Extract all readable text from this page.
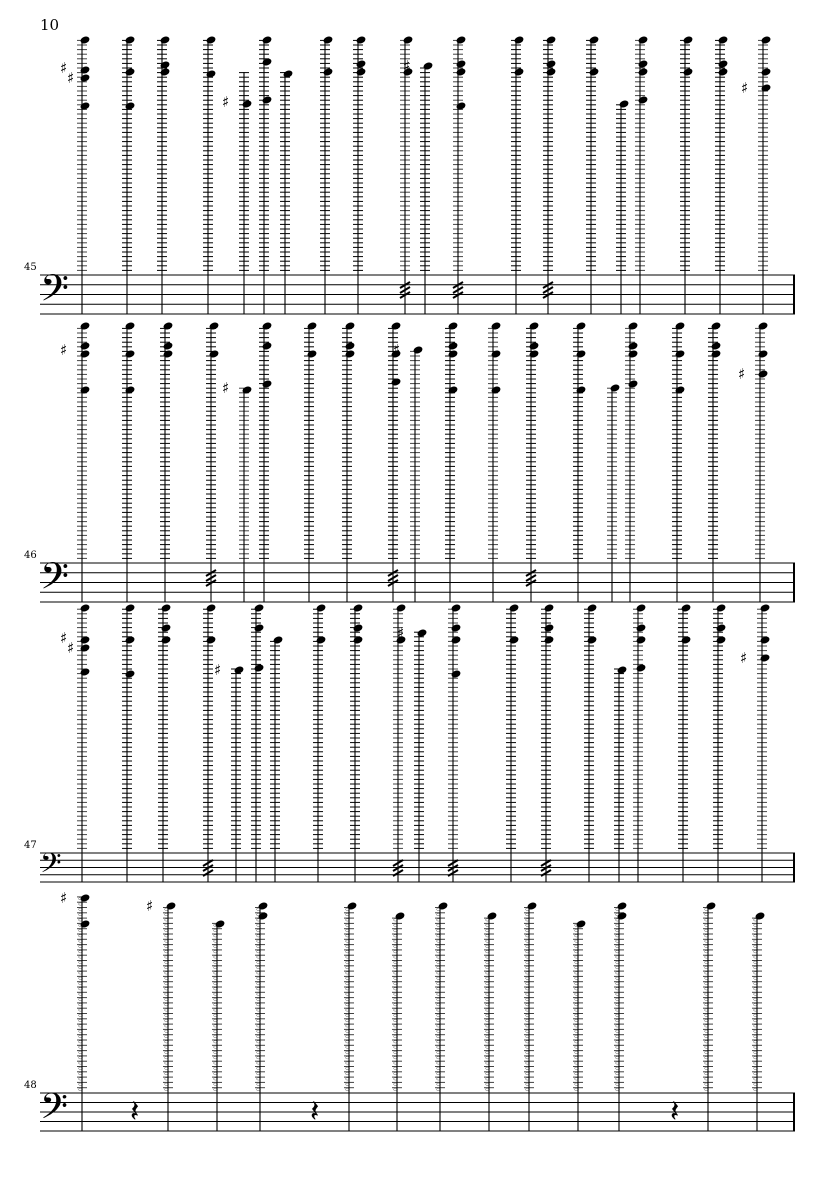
10
45 𝄢
♯
♯
♯
♯
♯
46 𝄢
♯
♯
♯
♯
47
𝄢
♯
♯
♯
♯
♯
48 𝄢
♯	♯
𝄽	𝄽	𝄽
